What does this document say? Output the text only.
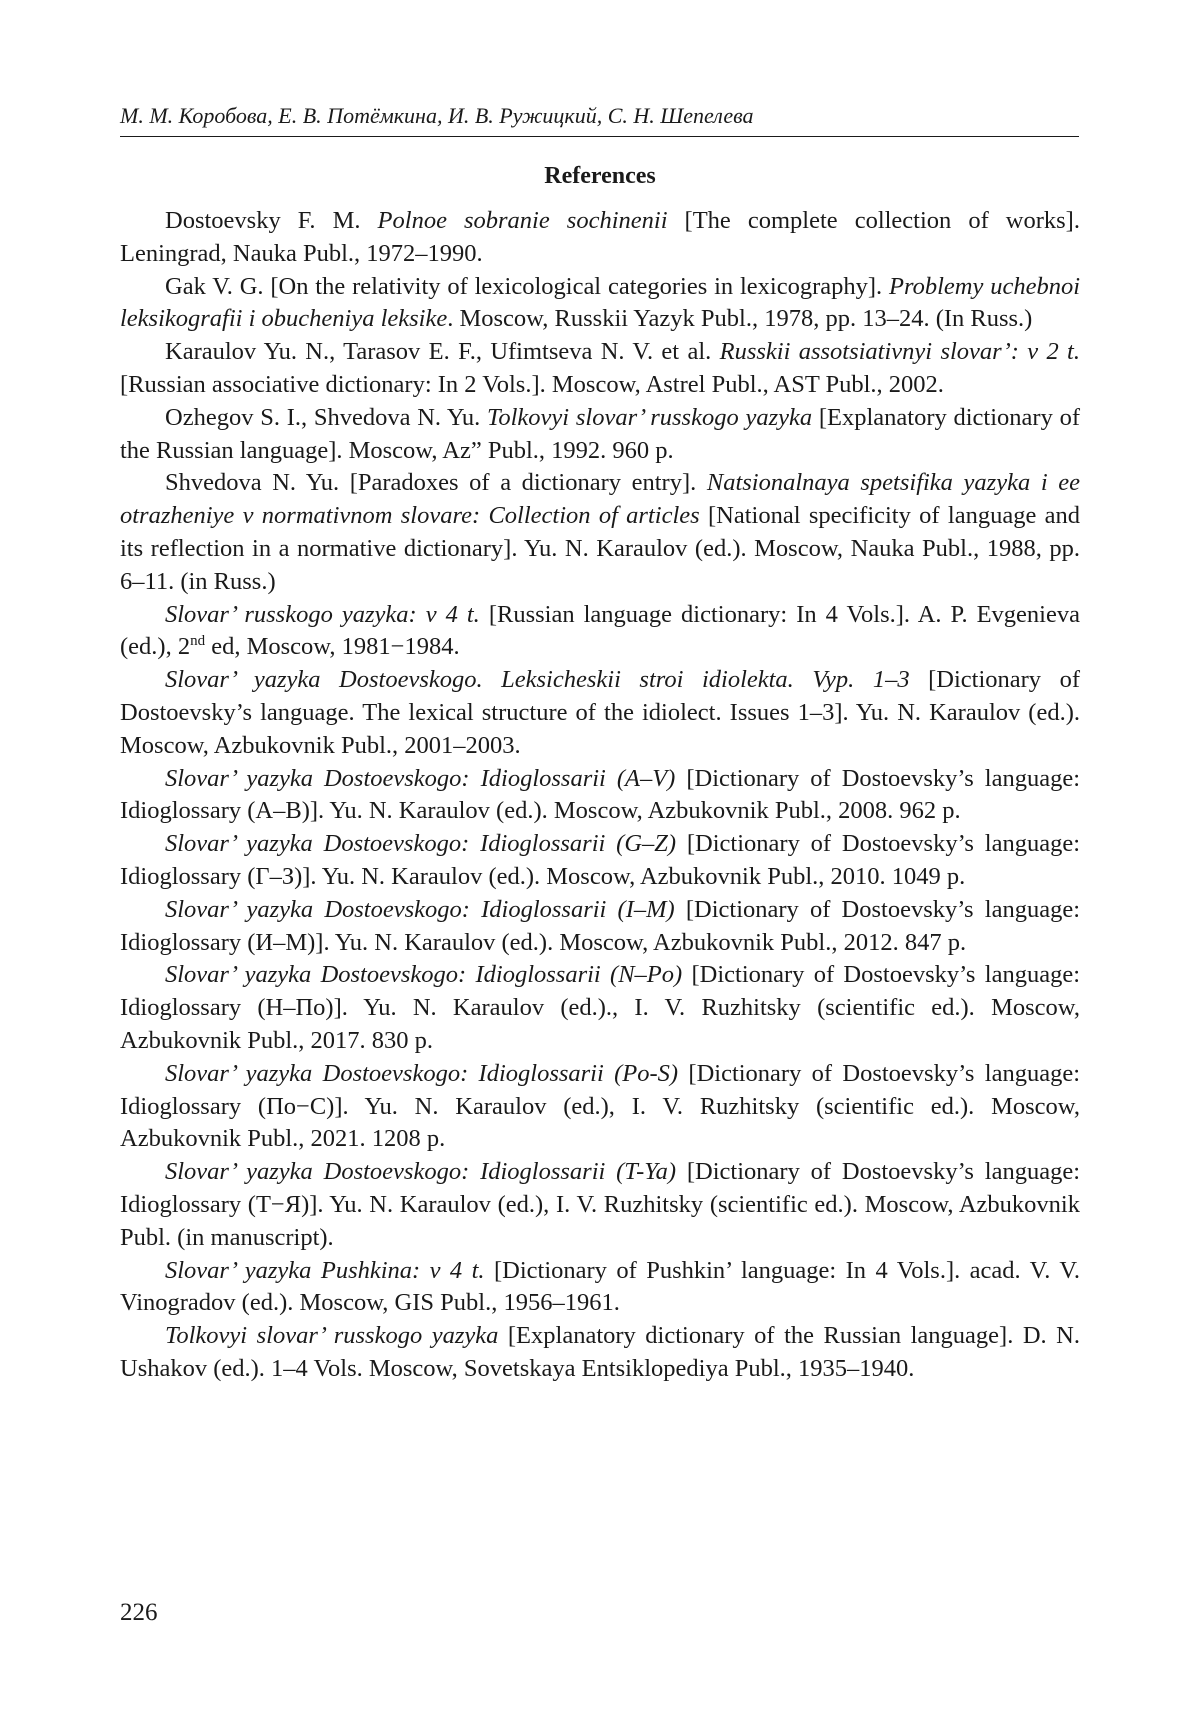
М. М. Коробова, Е. В. Потёмкина, И. В. Ружицкий, С. Н. Шепелева
References

Dostoevsky F. M. Polnoe sobranie sochinenii [The complete collection of works]. Leningrad, Nauka Publ., 1972–1990.

Gak V. G. [On the relativity of lexicological categories in lexicography]. Problemy uchebnoi leksikografii i obucheniya leksike. Moscow, Russkii Yazyk Publ., 1978, pp. 13–24. (In Russ.)

Karaulov Yu. N., Tarasov E. F., Ufimtseva N. V. et al. Russkii assotsiativnyi slovar’: v 2 t. [Russian associative dictionary: In 2 Vols.]. Moscow, Astrel Publ., AST Publ., 2002.

Ozhegov S. I., Shvedova N. Yu. Tolkovyi slovar’ russkogo yazyka [Explanatory dictionary of the Russian language]. Moscow, Az” Publ., 1992. 960 p.

Shvedova N. Yu. [Paradoxes of a dictionary entry]. Natsionalnaya spetsifika yazyka i ee otrazheniye v normativnom slovare: Collection of articles [National specificity of language and its reflection in a normative dictionary]. Yu. N. Karaulov (ed.). Moscow, Nauka Publ., 1988, pp. 6–11. (in Russ.)

Slovar’ russkogo yazyka: v 4 t. [Russian language dictionary: In 4 Vols.]. A. P. Evgenieva (ed.), 2nd ed, Moscow, 1981−1984.

Slovar’ yazyka Dostoevskogo. Leksicheskii stroi idiolekta. Vyp. 1–3 [Dictionary of Dostoevsky’s language. The lexical structure of the idiolect. Issues 1–3]. Yu. N. Karaulov (ed.). Moscow, Azbukovnik Publ., 2001–2003.

Slovar’ yazyka Dostoevskogo: Idioglossarii (A–V) [Dictionary of Dostoevsky’s language: Idioglossary (А–В)]. Yu. N. Karaulov (ed.). Moscow, Azbukovnik Publ., 2008. 962 p.

Slovar’ yazyka Dostoevskogo: Idioglossarii (G–Z) [Dictionary of Dostoevsky’s language: Idioglossary (Г–З)]. Yu. N. Karaulov (ed.). Moscow, Azbukovnik Publ., 2010. 1049 p.

Slovar’ yazyka Dostoevskogo: Idioglossarii (I–M) [Dictionary of Dostoevsky’s language: Idioglossary (И–М)]. Yu. N. Karaulov (ed.). Moscow, Azbukovnik Publ., 2012. 847 p.

Slovar’ yazyka Dostoevskogo: Idioglossarii (N–Po) [Dictionary of Dostoevsky’s language: Idioglossary (Н–По)]. Yu. N. Karaulov (ed.)., I. V. Ruzhitsky (scientific ed.). Moscow, Azbukovnik Publ., 2017. 830 p.

Slovar’ yazyka Dostoevskogo: Idioglossarii (Po-S) [Dictionary of Dostoevsky’s language: Idioglossary (По−С)]. Yu. N. Karaulov (ed.), I. V. Ruzhitsky (scientific ed.). Moscow, Azbukovnik Publ., 2021. 1208 p.

Slovar’ yazyka Dostoevskogo: Idioglossarii (T-Ya) [Dictionary of Dostoevsky’s language: Idioglossary (Т−Я)]. Yu. N. Karaulov (ed.), I. V. Ruzhitsky (scientific ed.). Moscow, Azbukovnik Publ. (in manuscript).

Slovar’ yazyka Pushkina: v 4 t. [Dictionary of Pushkin’ language: In 4 Vols.]. acad. V. V. Vinogradov (ed.). Moscow, GIS Publ., 1956–1961.

Tolkovyi slovar’ russkogo yazyka [Explanatory dictionary of the Russian language]. D. N. Ushakov (ed.). 1–4 Vols. Moscow, Sovetskaya Entsiklopediya Publ., 1935–1940.

226
